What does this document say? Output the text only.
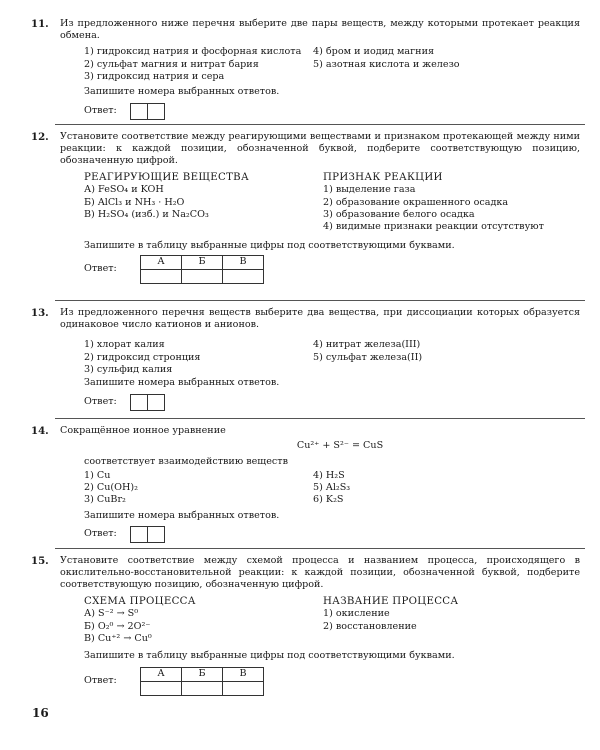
11. Из предложенного ниже перечня выберите две пары веществ, между которыми протекает реакция обмена.
1) гидроксид натрия и фосфорная кислота
2) сульфат магния и нитрат бария
3) гидроксид натрия и сера
4) бром и иодид магния
5) азотная кислота и железо
Запишите номера выбранных ответов.
Ответ:
12. Установите соответствие между реагирующими веществами и признаком протекающей между ними реакции: к каждой позиции, обозначенной буквой, подберите соответствующую позицию, обозначенную цифрой.
РЕАГИРУЮЩИЕ ВЕЩЕСТВА
А) FeSO₄ и KOH
Б) AlCl₃ и NH₃ · H₂O
В) H₂SO₄ (изб.) и Na₂CO₃
ПРИЗНАК РЕАКЦИИ
1) выделение газа
2) образование окрашенного осадка
3) образование белого осадка
4) видимые признаки реакции отсутствуют
Запишите в таблицу выбранные цифры под соответствующими буквами.
Ответ:
А	Б	В

13. Из предложенного перечня веществ выберите два вещества, при диссоциации которых образуется одинаковое число катионов и анионов.
1) хлорат калия
2) гидроксид стронция
3) сульфид калия
4) нитрат железа(III)
5) сульфат железа(II)
Запишите номера выбранных ответов.
Ответ:
14. Сокращённое ионное уравнение
Cu²⁺ + S²⁻ = CuS
соответствует взаимодействию веществ
1) Cu
2) Cu(OH)₂
3) CuBr₂
4) H₂S
5) Al₂S₃
6) K₂S
Запишите номера выбранных ответов.
Ответ:
15. Установите соответствие между схемой процесса и названием процесса, происходящего в окислительно-восстановительной реакции: к каждой позиции, обозначенной буквой, подберите соответствующую позицию, обозначенную цифрой.
СХЕМА ПРОЦЕССА
А) S⁻² → S⁰
Б) O₂⁰ → 2O²⁻
В) Cu⁺² → Cu⁰
НАЗВАНИЕ ПРОЦЕССА
1) окисление
2) восстановление
Запишите в таблицу выбранные цифры под соответствующими буквами.
Ответ:
А	Б	В

16
